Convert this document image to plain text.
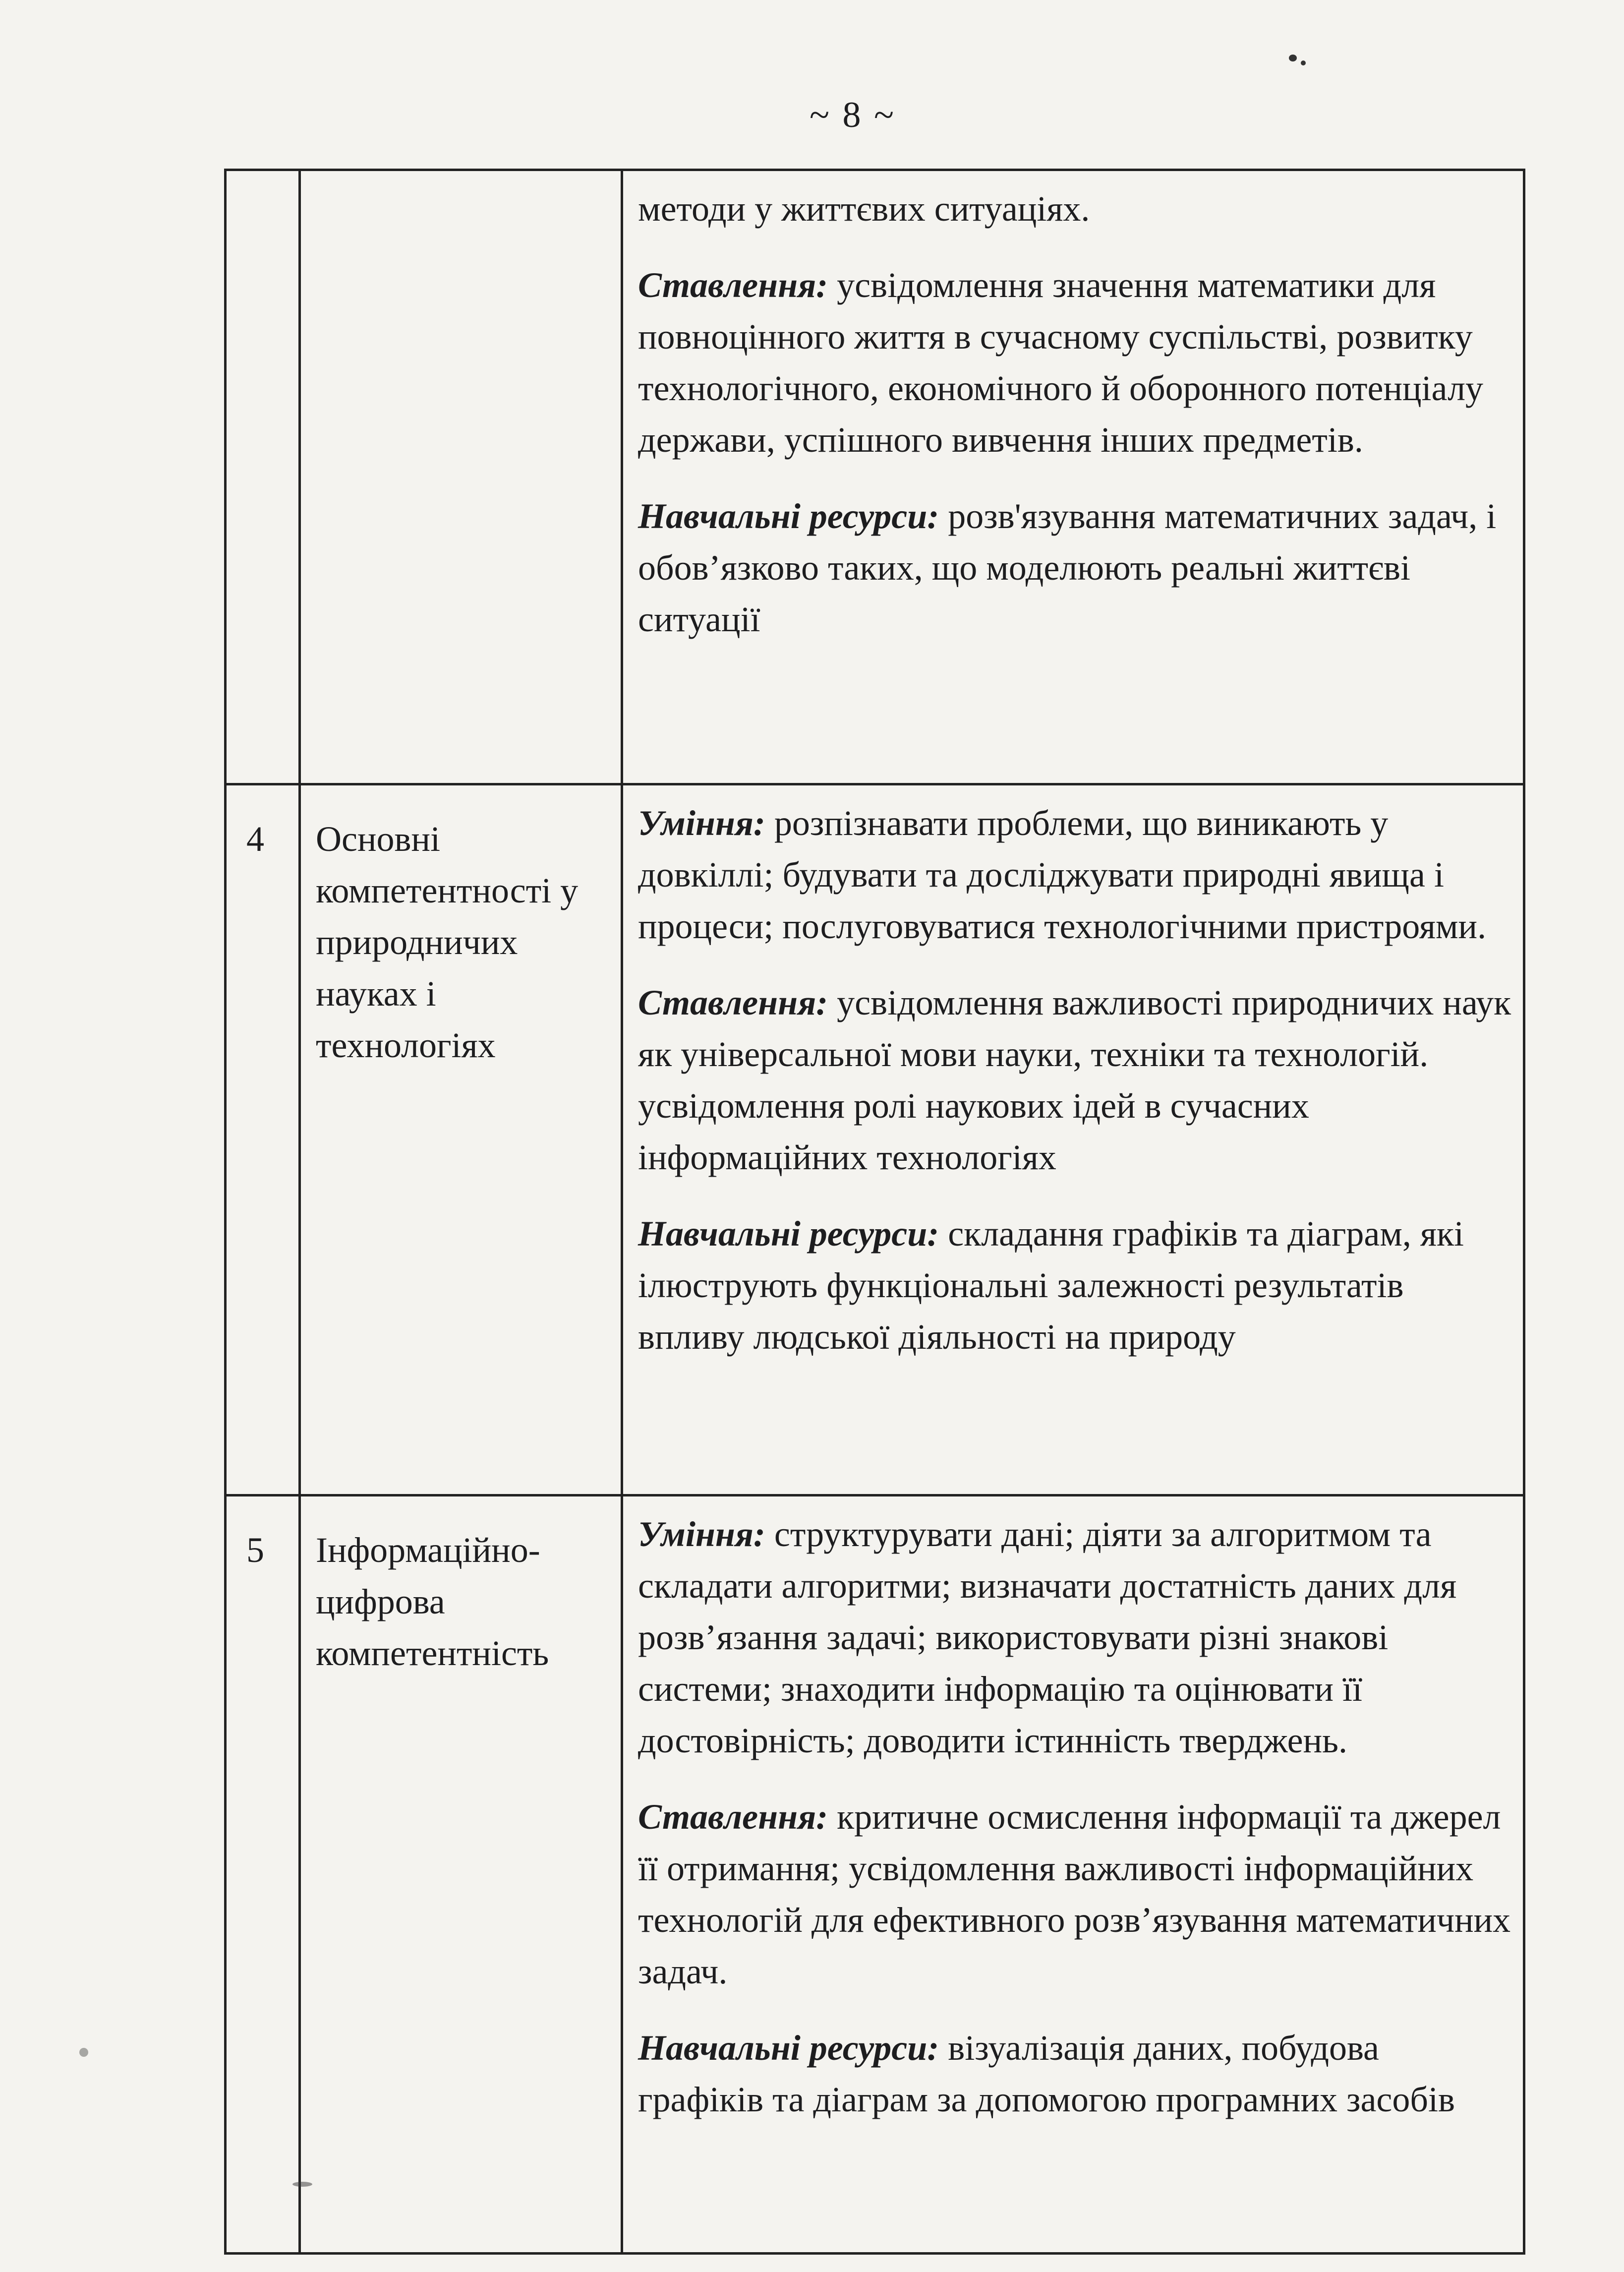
~ 8 ~

		методи у життєвих ситуаціях.

Ставлення: усвідомлення значення математики для повноцінного життя в сучасному суспільстві, розвитку технологічного, економічного й оборонного потенціалу держави, успішного вивчення інших предметів.

Навчальні ресурси: розв'язування математичних задач, і обов’язково таких, що моделюють реальні життєві ситуації

4	Основні компетентності у природничих науках і технологіях	Уміння: розпізнавати проблеми, що виникають у довкіллі; будувати та досліджувати природні явища і процеси; послуговуватися технологічними пристроями.

Ставлення: усвідомлення важливості природничих наук як універсальної мови науки, техніки та технологій. усвідомлення ролі наукових ідей в сучасних інформаційних технологіях

Навчальні ресурси: складання графіків та діаграм, які ілюструють функціональні залежності результатів впливу людської діяльності на природу

5	Інформаційно-цифрова компетентність	Уміння: структурувати дані; діяти за алгоритмом та складати алгоритми; визначати достатність даних для розв’язання задачі; використовувати різні знакові системи; знаходити інформацію та оцінювати її достовірність; доводити істинність тверджень.

Ставлення: критичне осмислення інформації та джерел її отримання; усвідомлення важливості інформаційних технологій для ефективного розв’язування математичних задач.

Навчальні ресурси: візуалізація даних, побудова графіків та діаграм за допомогою програмних засобів
